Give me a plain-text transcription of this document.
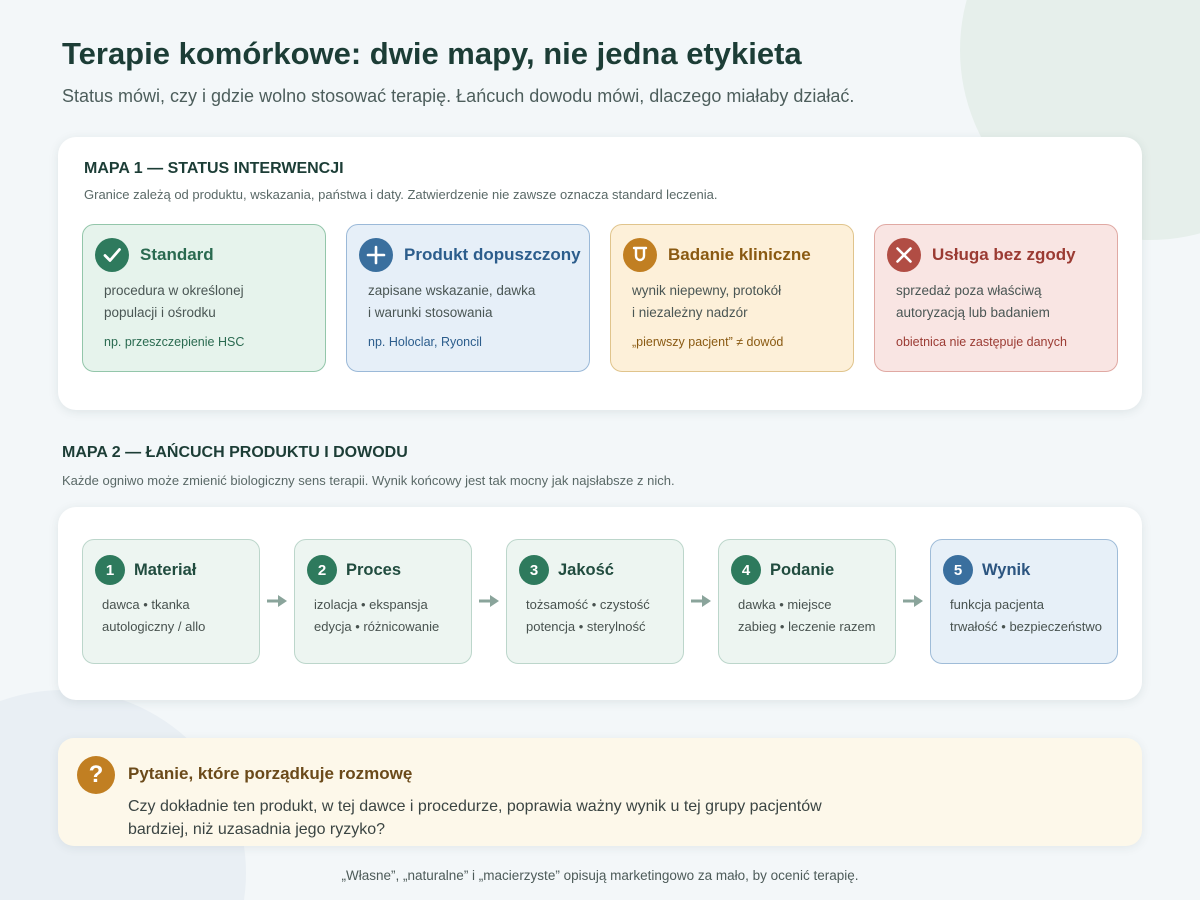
Terapie komórkowe: dwie mapy, nie jedna etykieta
Status mówi, czy i gdzie wolno stosować terapię. Łańcuch dowodu mówi, dlaczego miałaby działać.
MAPA 1 — STATUS INTERWENCJI
Granice zależą od produktu, wskazania, państwa i daty. Zatwierdzenie nie zawsze oznacza standard leczenia.
Standard
procedura w określonej
populacji i ośrodku
np. przeszczepienie HSC
Produkt dopuszczony
zapisane wskazanie, dawka
i warunki stosowania
np. Holoclar, Ryoncil
Badanie kliniczne
wynik niepewny, protokół
i niezależny nadzór
„pierwszy pacjent” ≠ dowód
Usługa bez zgody
sprzedaż poza właściwą
autoryzacją lub badaniem
obietnica nie zastępuje danych
MAPA 2 — ŁAŃCUCH PRODUKTU I DOWODU
Każde ogniwo może zmienić biologiczny sens terapii. Wynik końcowy jest tak mocny jak najsłabsze z nich.
1	Materiał
dawca • tkanka
autologiczny / allo
2	Proces
izolacja • ekspansja
edycja • różnicowanie
3	Jakość
tożsamość • czystość
potencja • sterylność
4	Podanie
dawka • miejsce
zabieg • leczenie razem
5	Wynik
funkcja pacjenta
trwałość • bezpieczeństwo
?	Pytanie, które porządkuje rozmowę
Czy dokładnie ten produkt, w tej dawce i procedurze, poprawia ważny wynik u tej grupy pacjentów bardziej, niż uzasadnia jego ryzyko?
„Własne”, „naturalne” i „macierzyste” opisują marketingowo za mało, by ocenić terapię.
